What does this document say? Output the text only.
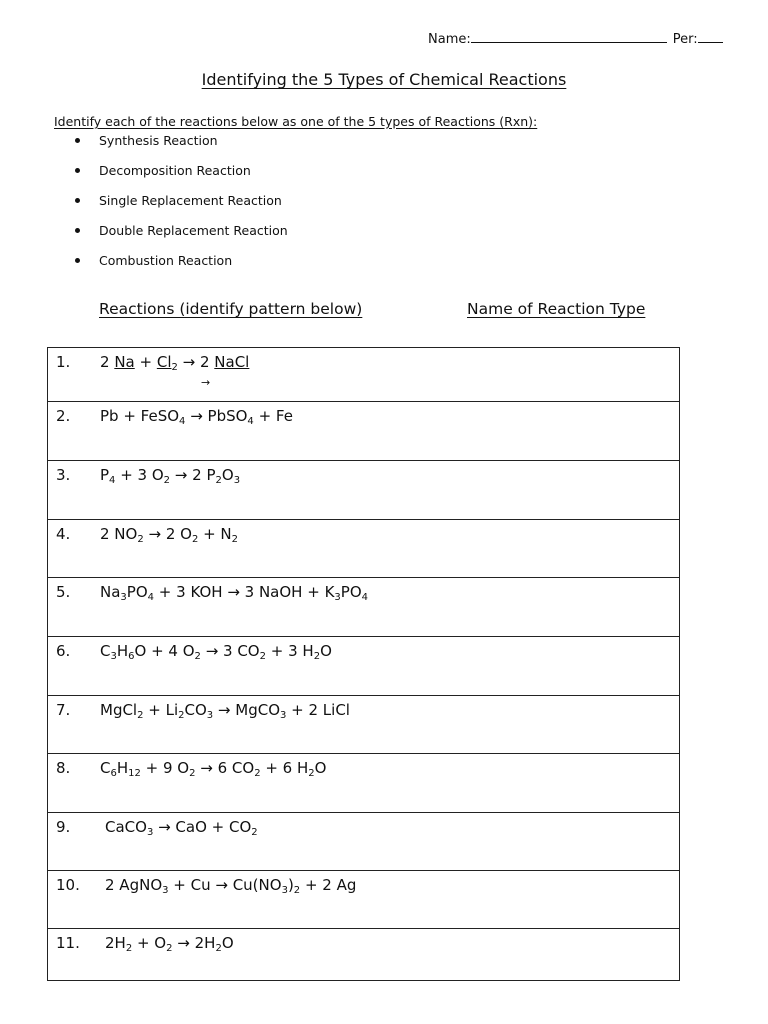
Name:	Per:
Identifying the 5 Types of Chemical Reactions
Identify each of the reactions below as one of the 5 types of Reactions (Rxn):
Synthesis Reaction
Decomposition Reaction
Single Replacement Reaction
Double Replacement Reaction
Combustion Reaction
Reactions (identify pattern below)	Name of Reaction Type
1. 2 $Na + Cl_2 \to 2$ NaCl
→
2. Pb + FeSO$_4$ → PbSO$_4$ + Fe
3. $P_4 + 3$ $O_2 \to 2$ $P_2O_3$
4. 2 $NO_2 \to 2$ $O_2 + N_2$
5. $Na_3PO_4 + 3$ KOH → 3 NaOH + $K_3PO_4$
6. $C_3H_6O + 4$ $O_2 \to 3$ $CO_2 + 3$ $H_2O$
7. MgCl$_2$ + $Li_2CO_3$ → MgCO$_3$ + 2 LiCl
8. $C_6H_{12} + 9$ $O_2 \to 6$ $CO_2 + 6$ $H_2O$
9. CaCO$_3$ → CaO + $CO_2$
10. 2 AgNO$_3$ + $Cu \to Cu(NO_3)_2 + 2$ Ag
11. $2H_2 + O_2 \to 2H_2O$
